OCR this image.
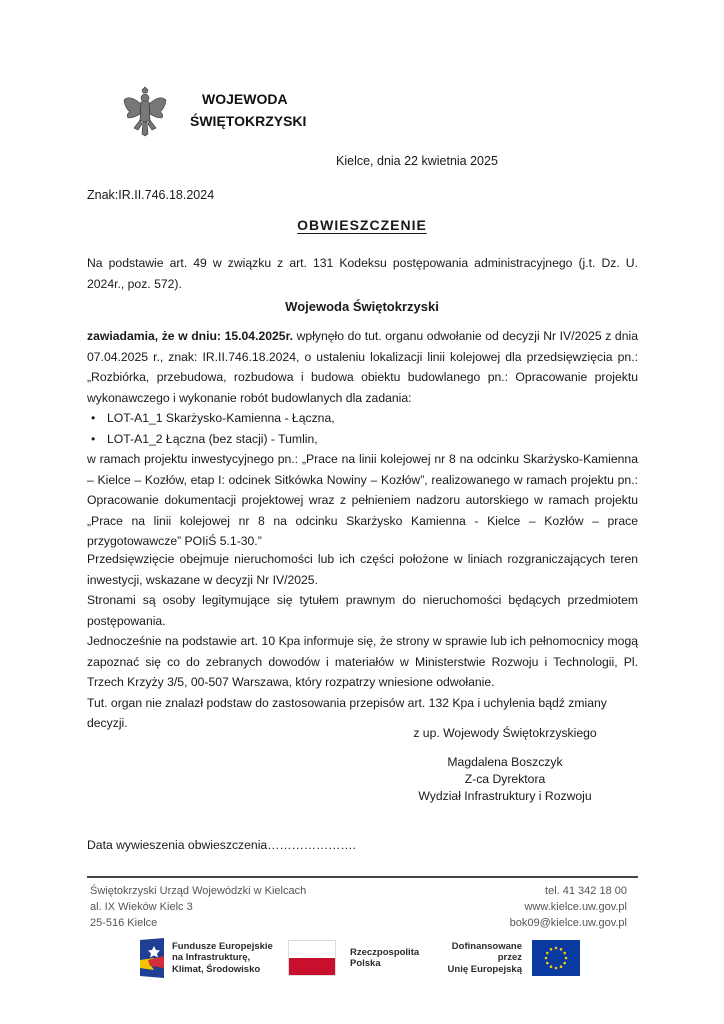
WOJEWODA
ŚWIĘTOKRZYSKI
Kielce, dnia 22 kwietnia 2025
Znak:IR.II.746.18.2024
OBWIESZCZENIE
Na podstawie art. 49 w związku z art. 131 Kodeksu postępowania administracyjnego (j.t. Dz. U. 2024r., poz. 572).
Wojewoda Świętokrzyski
zawiadamia, że w dniu: 15.04.2025r. wpłynęło do tut. organu odwołanie od decyzji Nr IV/2025 z dnia 07.04.2025 r., znak: IR.II.746.18.2024, o ustaleniu lokalizacji linii kolejowej dla przedsięwzięcia pn.: „Rozbiórka, przebudowa, rozbudowa i budowa obiektu budowlanego pn.: Opracowanie projektu wykonawczego i wykonanie robót budowlanych dla zadania:
• LOT-A1_1 Skarżysko-Kamienna - Łączna,
• LOT-A1_2 Łączna (bez stacji) - Tumlin,
w ramach projektu inwestycyjnego pn.: „Prace na linii kolejowej nr 8 na odcinku Skarżysko-Kamienna – Kielce – Kozłów, etap I: odcinek Sitkówka Nowiny – Kozłów”, realizowanego w ramach projektu pn.: Opracowanie dokumentacji projektowej wraz z pełnieniem nadzoru autorskiego w ramach projektu „Prace na linii kolejowej nr 8 na odcinku Skarżysko Kamienna - Kielce – Kozłów – prace przygotowawcze” POIiŚ 5.1-30.”

Przedsięwzięcie obejmuje nieruchomości lub ich części położone w liniach rozgraniczających teren inwestycji, wskazane w decyzji Nr IV/2025.

Stronami są osoby legitymujące się tytułem prawnym do nieruchomości będących przedmiotem postępowania.

Jednocześnie na podstawie art. 10 Kpa informuje się, że strony w sprawie lub ich pełnomocnicy mogą zapoznać się co do zebranych dowodów i materiałów w Ministerstwie Rozwoju i Technologii, Pl. Trzech Krzyży 3/5, 00-507 Warszawa, który rozpatrzy wniesione odwołanie.

Tut. organ nie znalazł podstaw do zastosowania przepisów art. 132 Kpa i uchylenia bądź zmiany decyzji.

z up. Wojewody Świętokrzyskiego
Magdalena Boszczyk
Z-ca Dyrektora
Wydział Infrastruktury i Rozwoju
Data wywieszenia obwieszczenia………………….
Świętokrzyski Urząd Wojewódzki w Kielcach
al. IX Wieków Kielc 3
25-516 Kielce
tel. 41 342 18 00
www.kielce.uw.gov.pl
bok09@kielce.uw.gov.pl
Fundusze Europejskie
na Infrastrukturę,
Klimat, Środowisko
Rzeczpospolita
Polska
Dofinansowane przez
Unię Europejską
